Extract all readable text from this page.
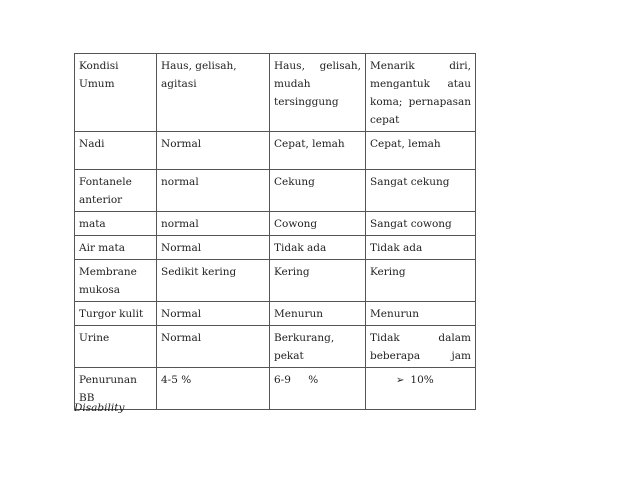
Kondisi Umum	Haus, gelisah, agitasi	Haus, gelisah, mudah tersinggung	Menarik diri, mengantuk atau koma; pernapasan cepat
Nadi	Normal	Cepat, lemah	Cepat, lemah
Fontanele anterior	normal	Cekung	Sangat cekung
mata	normal	Cowong	Sangat cowong
Air mata	Normal	Tidak ada	Tidak ada
Membrane mukosa	Sedikit kering	Kering	Kering
Turgor kulit	Normal	Menurun	Menurun
Urine	Normal	Berkurang, pekat	Tidak dalam beberapa jam
Penurunan BB	4-5 %	6-9 %	➢ 10%
Disability
